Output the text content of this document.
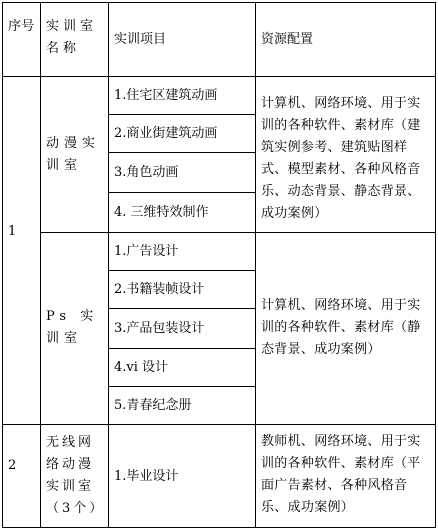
序号 实训室名称
实训项目	资源配置
1
动漫实训室
1.住宅区建筑动画
2.商业街建筑动画
3.角色动画
4. 三维特效制作
计算机、网络环境、用于实训的各种软件、素材库（建筑实例参考、建筑贴图样式、模型素材、各种风格音乐、动态背景、静态背景、成功案例）
Ps 实训室
1.广告设计
2.书籍装帧设计
3.产品包装设计
4.vi 设计
5.青春纪念册
计算机、网络环境、用于实训的各种软件、素材库（静态背景、成功案例）
2
无线网络动漫实训室（3个）
1.毕业设计
教师机、网络环境、用于实训的各种软件、素材库（平面广告素材、各种风格音乐、成功案例）
